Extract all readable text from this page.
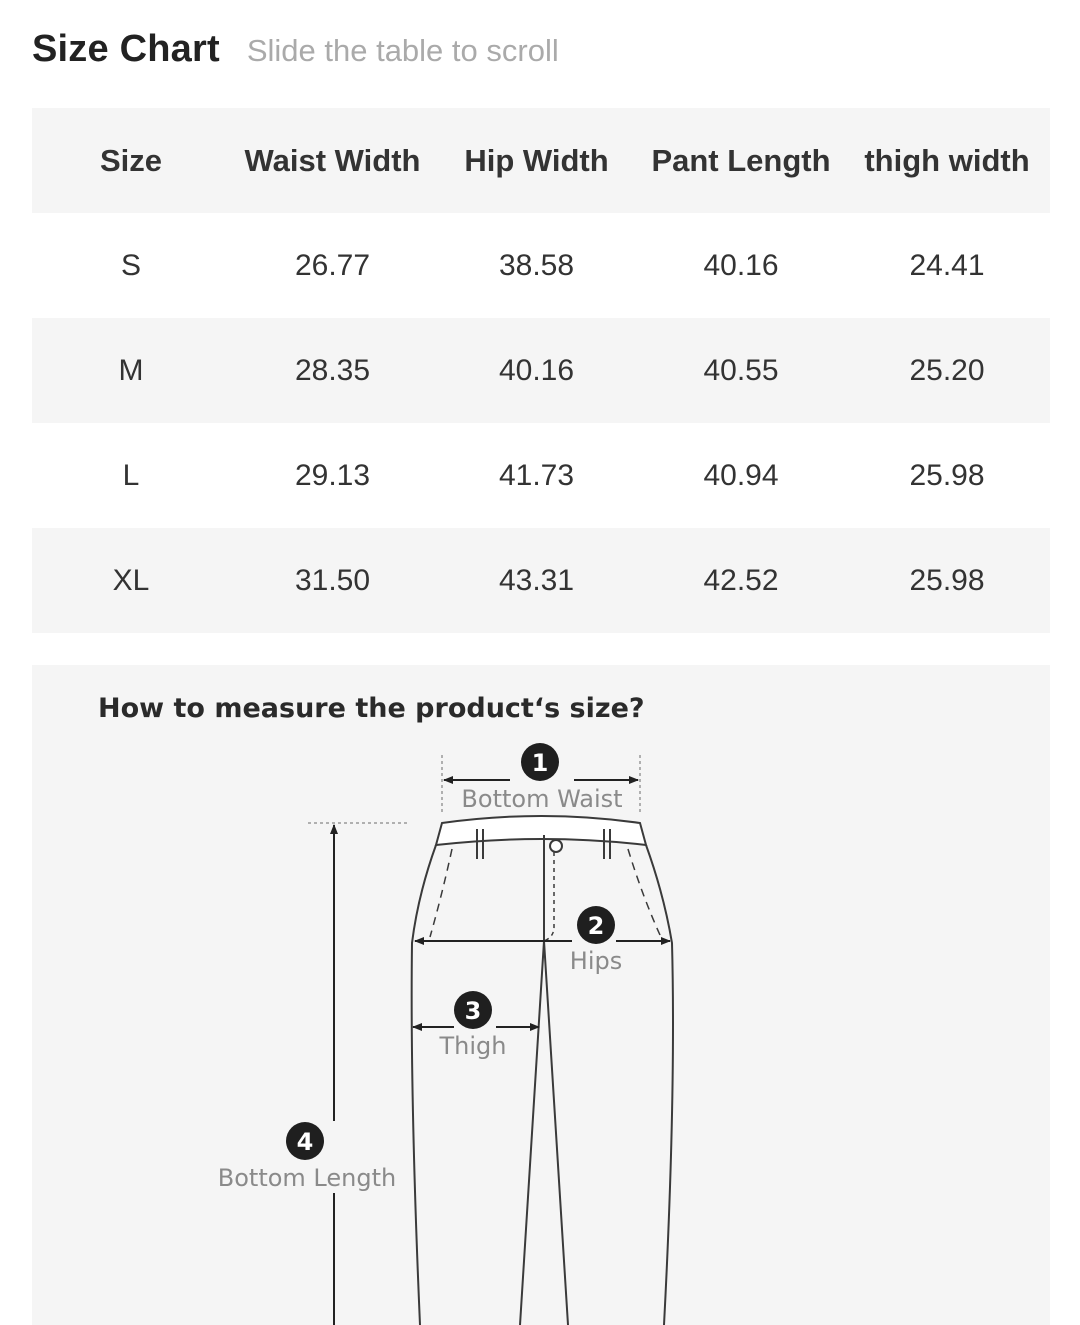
Size Chart Slide the table to scroll
Size	Waist Width	Hip Width	Pant Length	thigh width
S	26.77	38.58	40.16	24.41
M	28.35	40.16	40.55	25.20
L	29.13	41.73	40.94	25.98
XL	31.50	43.31	42.52	25.98
How to measure the product‘s size?
1
Bottom Waist
2
Hips
3
Thigh
4
Bottom Length
